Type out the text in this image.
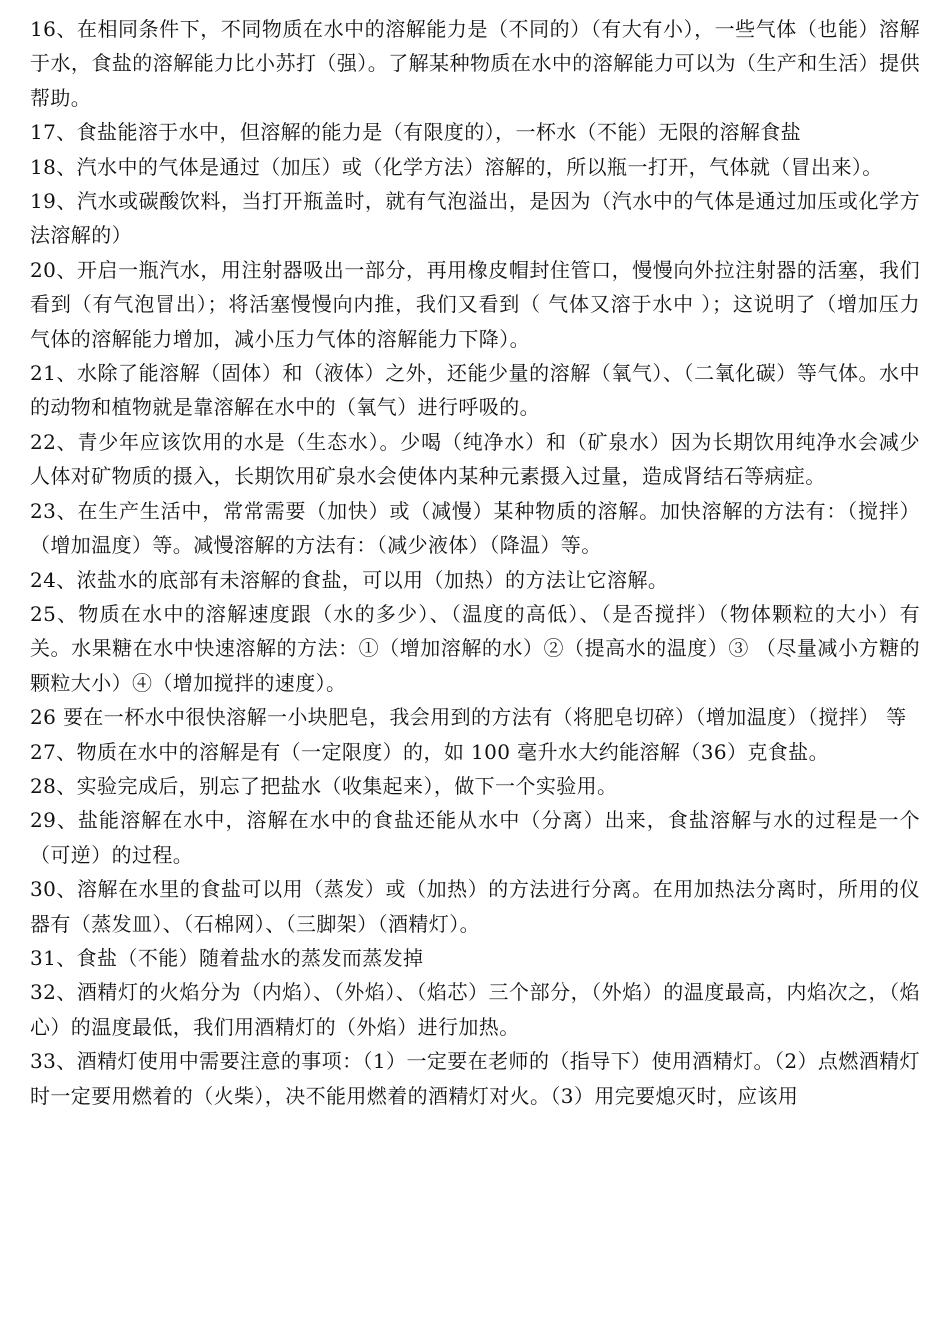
16、在相同条件下，不同物质在水中的溶解能力是（不同的）（有大有小），一些气体（也能）溶解于水，食盐的溶解能力比小苏打（强）。了解某种物质在水中的溶解能力可以为（生产和生活）提供帮助。

17、食盐能溶于水中，但溶解的能力是（有限度的），一杯水（不能）无限的溶解食盐

18、汽水中的气体是通过（加压）或（化学方法）溶解的，所以瓶一打开，气体就（冒出来）。

19、汽水或碳酸饮料，当打开瓶盖时，就有气泡溢出，是因为（汽水中的气体是通过加压或化学方法溶解的）

20、开启一瓶汽水，用注射器吸出一部分，再用橡皮帽封住管口，慢慢向外拉注射器的活塞，我们看到（有气泡冒出）；将活塞慢慢向内推，我们又看到（ 气体又溶于水中 ）；这说明了（增加压力气体的溶解能力增加，减小压力气体的溶解能力下降）。

21、水除了能溶解（固体）和（液体）之外，还能少量的溶解（氧气）、（二氧化碳）等气体。水中的动物和植物就是靠溶解在水中的（氧气）进行呼吸的。

22、青少年应该饮用的水是（生态水）。少喝（纯净水）和（矿泉水）因为长期饮用纯净水会减少人体对矿物质的摄入，长期饮用矿泉水会使体内某种元素摄入过量，造成肾结石等病症。

23、在生产生活中，常常需要（加快）或（减慢）某种物质的溶解。加快溶解的方法有：（搅拌）（增加温度）等。减慢溶解的方法有：（减少液体）（降温）等。

24、浓盐水的底部有未溶解的食盐，可以用（加热）的方法让它溶解。

25、物质在水中的溶解速度跟（水的多少）、（温度的高低）、（是否搅拌）（物体颗粒的大小）有关。水果糖在水中快速溶解的方法：①（增加溶解的水）②（提高水的温度）③ （尽量减小方糖的颗粒大小）④（增加搅拌的速度）。

26 要在一杯水中很快溶解一小块肥皂，我会用到的方法有（将肥皂切碎）（增加温度）（搅拌） 等

27、物质在水中的溶解是有（一定限度）的，如 100 毫升水大约能溶解（36）克食盐。

28、实验完成后，别忘了把盐水（收集起来），做下一个实验用。

29、盐能溶解在水中，溶解在水中的食盐还能从水中（分离）出来，食盐溶解与水的过程是一个（可逆）的过程。

30、溶解在水里的食盐可以用（蒸发）或（加热）的方法进行分离。在用加热法分离时，所用的仪器有（蒸发皿）、（石棉网）、（三脚架）（酒精灯）。

31、食盐（不能）随着盐水的蒸发而蒸发掉

32、酒精灯的火焰分为（内焰）、（外焰）、（焰芯）三个部分，（外焰）的温度最高，内焰次之，（焰心）的温度最低，我们用酒精灯的（外焰）进行加热。

33、酒精灯使用中需要注意的事项：（1）一定要在老师的（指导下）使用酒精灯。（2）点燃酒精灯时一定要用燃着的（火柴），决不能用燃着的酒精灯对火。（3）用完要熄灭时，应该用
